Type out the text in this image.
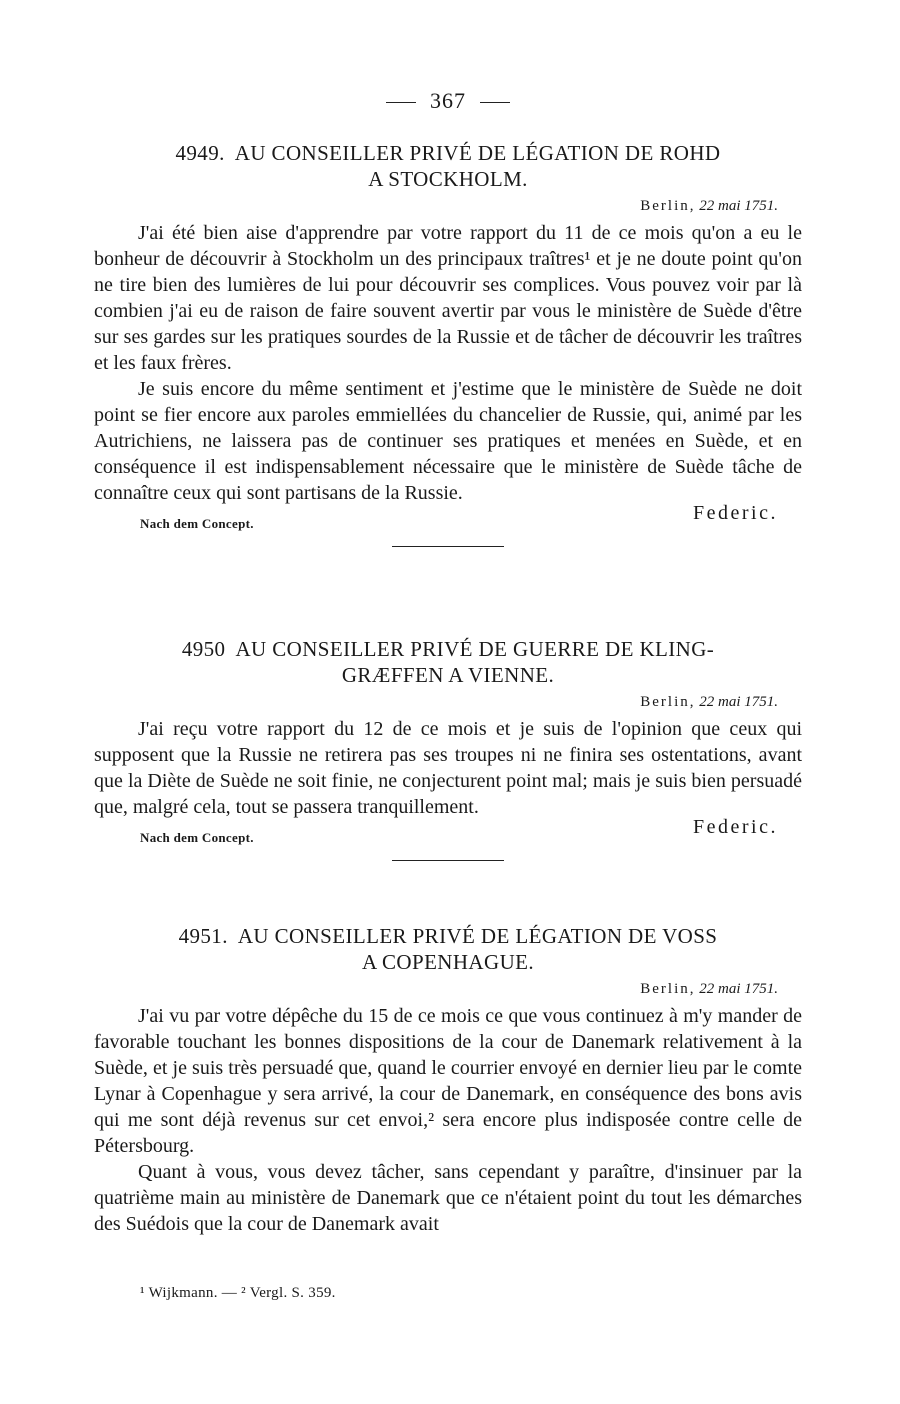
367
4949. AU CONSEILLER PRIVÉ DE LÉGATION DE ROHD
A STOCKHOLM.
Berlin, 22 mai 1751.

J'ai été bien aise d'apprendre par votre rapport du 11 de ce mois qu'on a eu le bonheur de découvrir à Stockholm un des principaux traîtres¹ et je ne doute point qu'on ne tire bien des lumières de lui pour découvrir ses complices. Vous pouvez voir par là combien j'ai eu de raison de faire souvent avertir par vous le ministère de Suède d'être sur ses gardes sur les pratiques sourdes de la Russie et de tâcher de découvrir les traîtres et les faux frères.

Je suis encore du même sentiment et j'estime que le ministère de Suède ne doit point se fier encore aux paroles emmiellées du chancelier de Russie, qui, animé par les Autrichiens, ne laissera pas de continuer ses pratiques et menées en Suède, et en conséquence il est indispensablement nécessaire que le ministère de Suède tâche de connaître ceux qui sont partisans de la Russie.

Federic.
Nach dem Concept.
4950 AU CONSEILLER PRIVÉ DE GUERRE DE KLING-
GRÆFFEN A VIENNE.
Berlin, 22 mai 1751.

J'ai reçu votre rapport du 12 de ce mois et je suis de l'opinion que ceux qui supposent que la Russie ne retirera pas ses troupes ni ne finira ses ostentations, avant que la Diète de Suède ne soit finie, ne conjecturent point mal; mais je suis bien persuadé que, malgré cela, tout se passera tranquillement.

Federic.
Nach dem Concept.
4951. AU CONSEILLER PRIVÉ DE LÉGATION DE VOSS
A COPENHAGUE.
Berlin, 22 mai 1751.

J'ai vu par votre dépêche du 15 de ce mois ce que vous continuez à m'y mander de favorable touchant les bonnes dispositions de la cour de Danemark relativement à la Suède, et je suis très persuadé que, quand le courrier envoyé en dernier lieu par le comte Lynar à Copenhague y sera arrivé, la cour de Danemark, en conséquence des bons avis qui me sont déjà revenus sur cet envoi,² sera encore plus indisposée contre celle de Pétersbourg.

Quant à vous, vous devez tâcher, sans cependant y paraître, d'insinuer par la quatrième main au ministère de Danemark que ce n'étaient point du tout les démarches des Suédois que la cour de Danemark avait

¹ Wijkmann. — ² Vergl. S. 359.
